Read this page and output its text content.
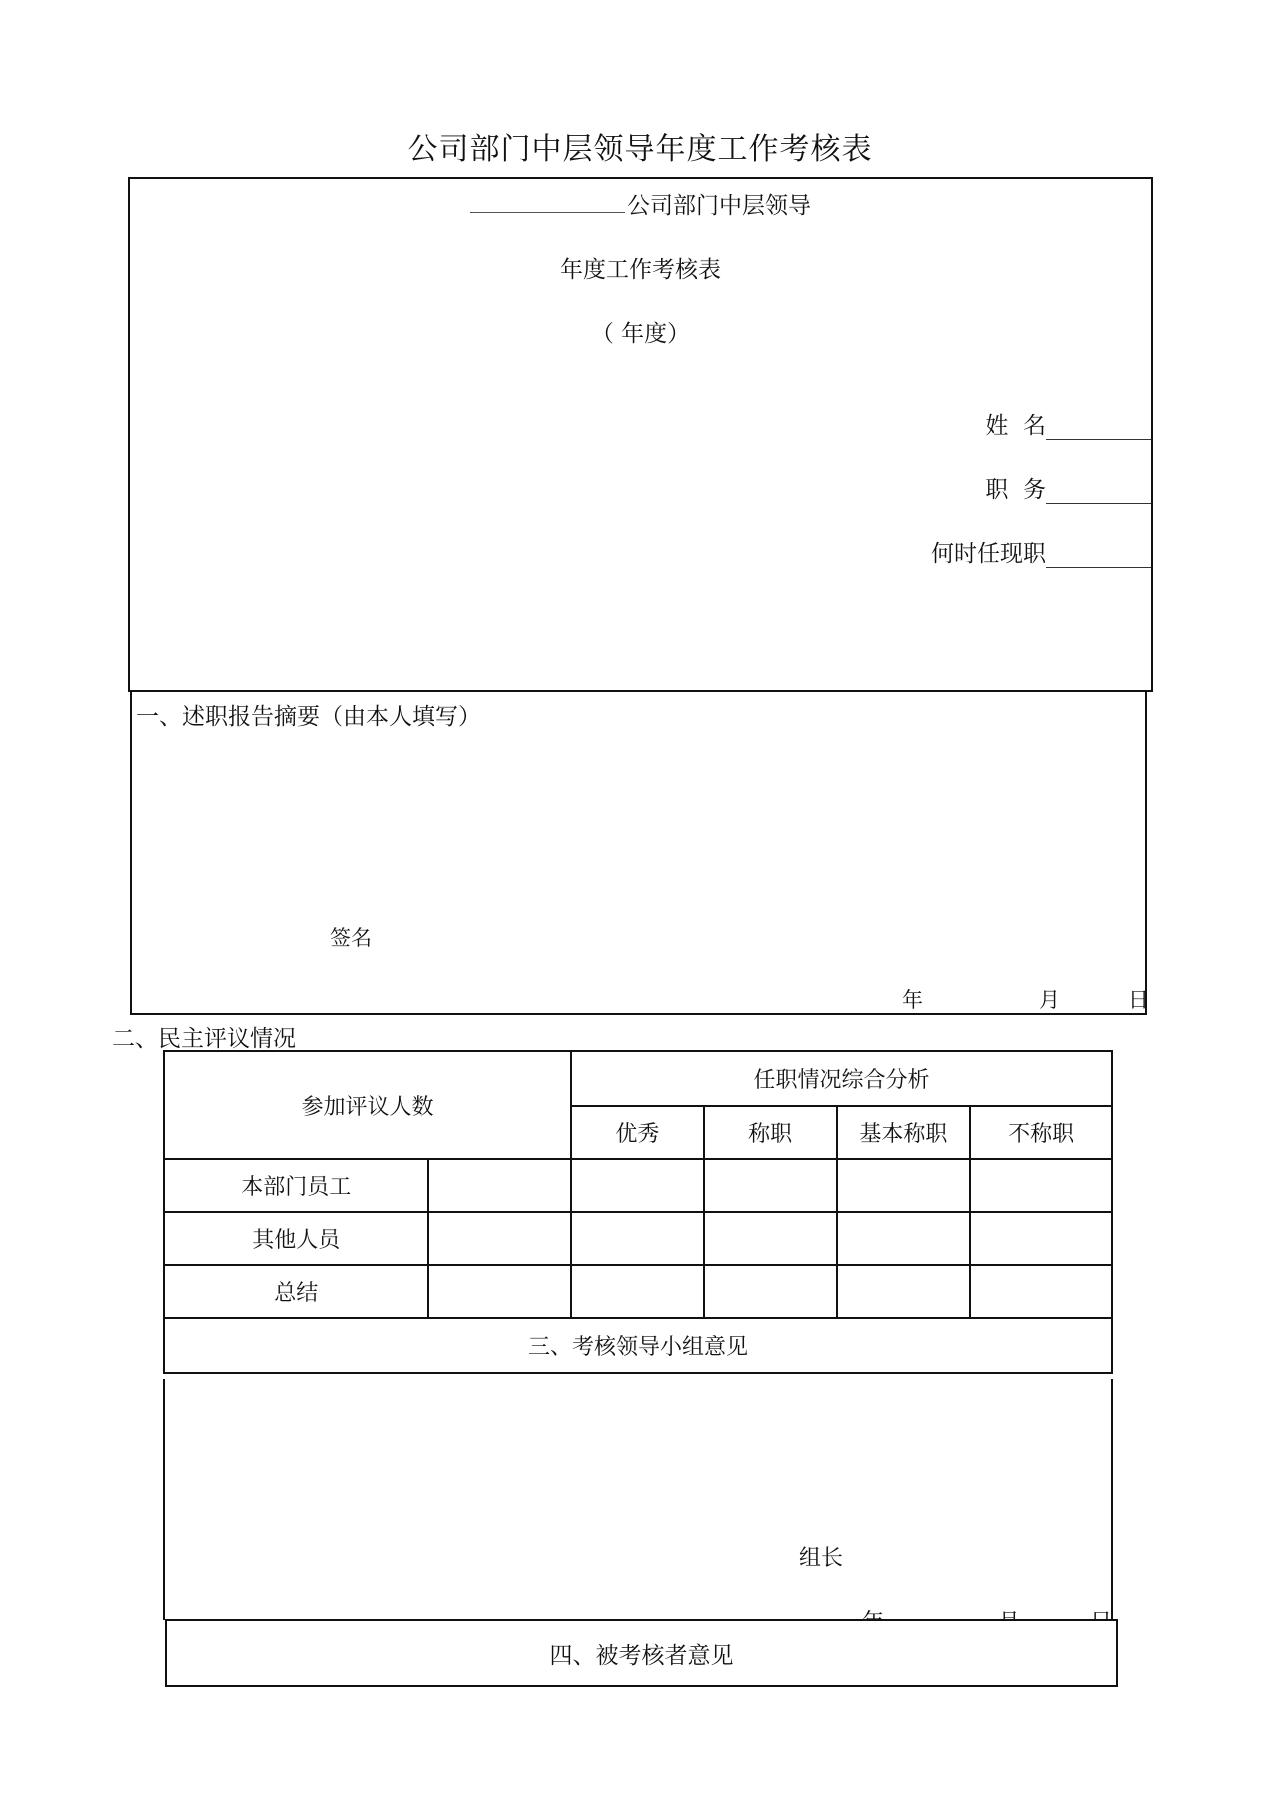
公司部门中层领导年度工作考核表
公司部门中层领导
年度工作考核表
（ 年度）
姓  名
职  务
何时任现职
一、述职报告摘要（由本人填写）
签名
年	月	日
二、民主评议情况
参加评议人数		任职情况综合分析			
		优秀	称职	基本称职	不称职
本部门员工					
其他人员					
总结					
三、考核领导小组意见					
组长
四、被考核者意见
